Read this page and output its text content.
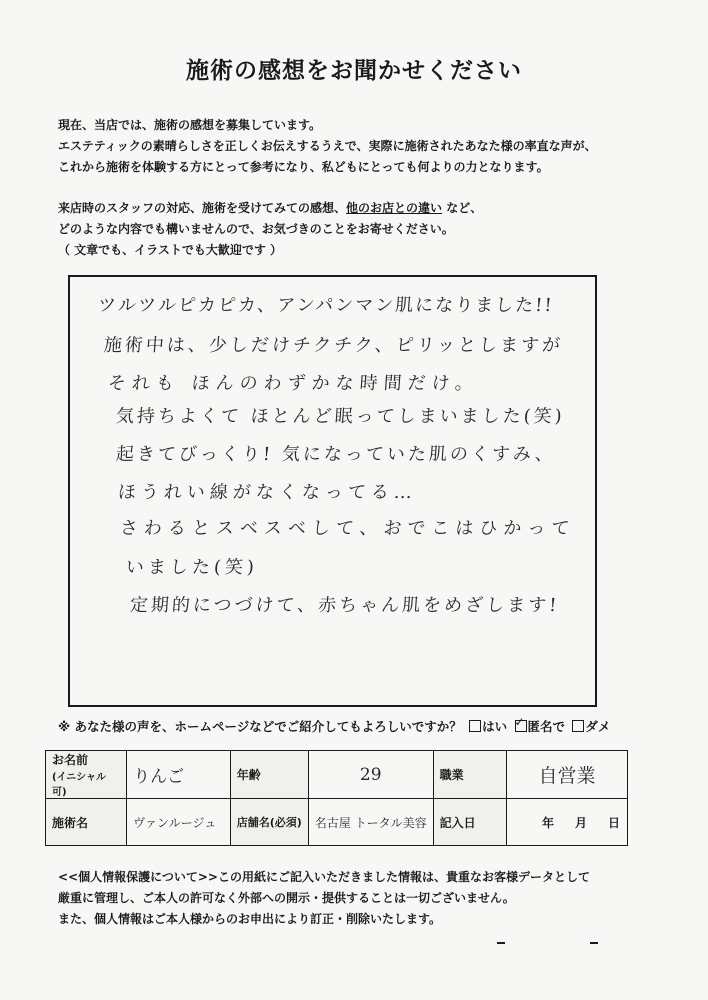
施術の感想をお聞かせください
現在、当店では、施術の感想を募集しています。
エステティックの素晴らしさを正しくお伝えするうえで、実際に施術されたあなた様の率直な声が、
これから施術を体験する方にとって参考になり、私どもにとっても何よりの力となります。
来店時のスタッフの対応、施術を受けてみての感想、他のお店との違い など、
どのような内容でも構いませんので、お気づきのことをお寄せください。
（ 文章でも、イラストでも大歓迎です ）
ツルツルピカピカ、アンパンマン肌になりました!!
施術中は、少しだけチクチク、ピリッとしますが
それも ほんのわずかな時間だけ。
気持ちよくて ほとんど眠ってしまいました(笑)
起きてびっくり! 気になっていた肌のくすみ、
ほうれい線がなくなってる…
さわるとスベスベして、おでこはひかって
いました(笑)
定期的につづけて、赤ちゃん肌をめざします!
※ あなた様の声を、ホームページなどでご紹介してもよろしいですか？ はい ✓ 匿名で ダメ
お名前
(イニシャル可)	りんご	年齢	29	職業	自営業
施術名	ヴァンルージュ	店舗名(必須)	名古屋 トータル美容	記入日	年 月 日
<<個人情報保護について>>この用紙にご記入いただきました情報は、貴重なお客様データとして
厳重に管理し、ご本人の許可なく外部への開示・提供することは一切ございません。
また、個人情報はご本人様からのお申出により訂正・削除いたします。
